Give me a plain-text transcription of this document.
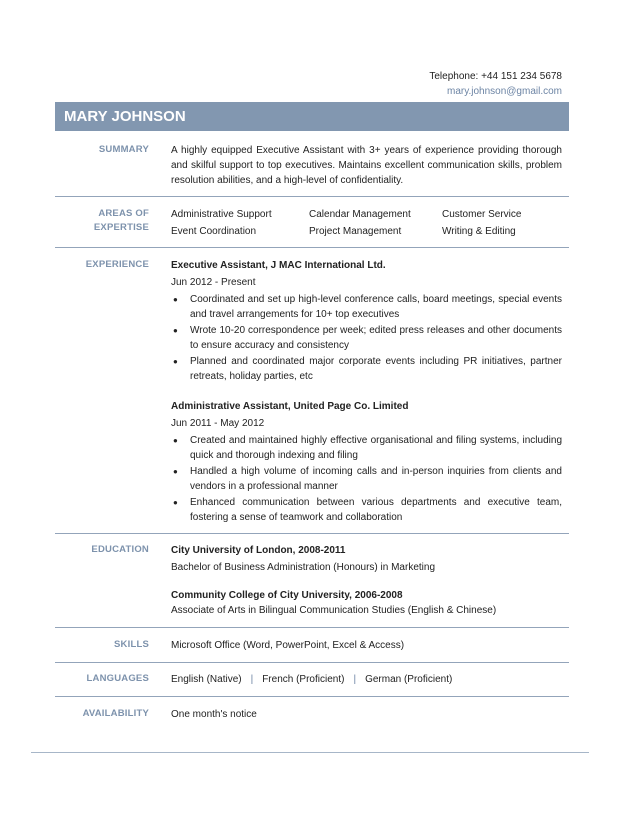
Telephone: +44 151 234 5678
mary.johnson@gmail.com
MARY JOHNSON
SUMMARY A highly equipped Executive Assistant with 3+ years of experience providing thorough and skilful support to top executives. Maintains excellent communication skills, problem resolution abilities, and a high-level of confidentiality.
AREAS OF
EXPERTISE
Administrative Support	Calendar Management	Customer Service
Event Coordination	Project Management	Writing & Editing
EXPERIENCE Executive Assistant, J MAC International Ltd.
Jun 2012 - Present
● Coordinated and set up high-level conference calls, board meetings, special events and travel arrangements for 10+ top executives
● Wrote 10-20 correspondence per week; edited press releases and other documents to ensure accuracy and consistency
● Planned and coordinated major corporate events including PR initiatives, partner retreats, holiday parties, etc
Administrative Assistant, United Page Co. Limited
Jun 2011 - May 2012
● Created and maintained highly effective organisational and filing systems, including quick and thorough indexing and filing
● Handled a high volume of incoming calls and in-person inquiries from clients and vendors in a professional manner
● Enhanced communication between various departments and executive team, fostering a sense of teamwork and collaboration
EDUCATION City University of London, 2008-2011
Bachelor of Business Administration (Honours) in Marketing
Community College of City University, 2006-2008
Associate of Arts in Bilingual Communication Studies (English & Chinese)
SKILLS Microsoft Office (Word, PowerPoint, Excel & Access)
LANGUAGES English (Native) | French (Proficient) | German (Proficient)
AVAILABILITY One month's notice
